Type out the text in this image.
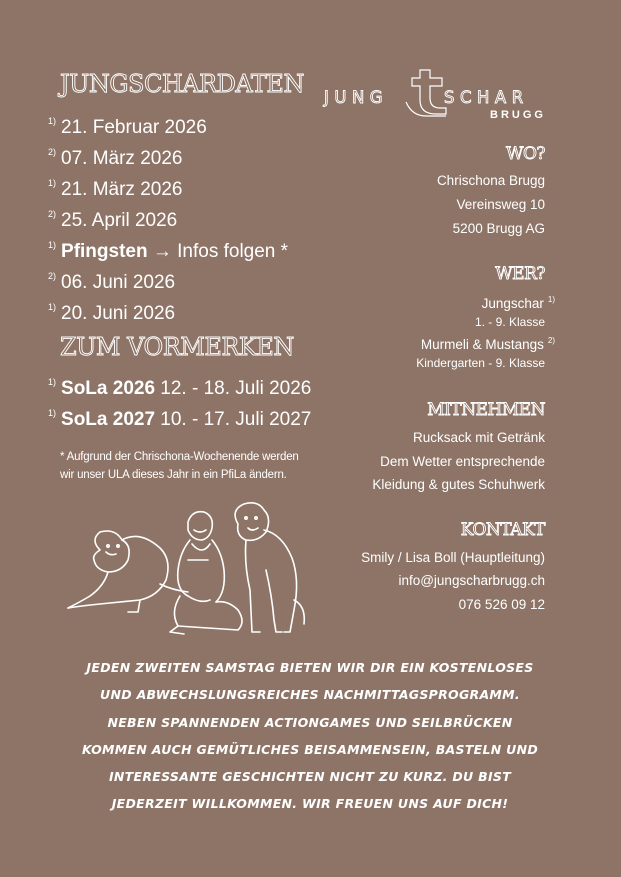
JUNGSCHARDATEN
$^{1)}$ 21. Februar 2026
$^{2)}$ 07. März 2026
$^{1)}$ 21. März 2026
$^{2)}$ 25. April 2026
$^{1)}$ Pfingsten → Infos folgen *
$^{2)}$ 06. Juni 2026
$^{1)}$ 20. Juni 2026
ZUM VORMERKEN
$^{1)}$ SoLa 2026 12. - 18. Juli 2026
$^{1)}$ SoLa 2027 10. - 17. Juli 2027
* Aufgrund der Chrischona-Wochenende werden
wir unser ULA dieses Jahr in ein PfiLa ändern.
JUNG	SCHAR
BRUGG
WO?
Chrischona Brugg
Vereinsweg 10
5200 Brugg AG
WER?
Jungschar $^{1)}$
1. - 9. Klasse
Murmeli & Mustangs $^{2)}$
Kindergarten - 9. Klasse
MITNEHMEN
Rucksack mit Getränk
Dem Wetter entsprechende
Kleidung & gutes Schuhwerk
KONTAKT
Smily / Lisa Boll (Hauptleitung)
info@jungscharbrugg.ch
076 526 09 12
JEDEN ZWEITEN SAMSTAG BIETEN WIR DIR EIN KOSTENLOSES
UND ABWECHSLUNGSREICHES NACHMITTAGSPROGRAMM.
NEBEN SPANNENDEN ACTIONGAMES UND SEILBRÜCKEN
KOMMEN AUCH GEMÜTLICHES BEISAMMENSEIN, BASTELN UND
INTERESSANTE GESCHICHTEN NICHT ZU KURZ. DU BIST
JEDERZEIT WILLKOMMEN. WIR FREUEN UNS AUF DICH!
